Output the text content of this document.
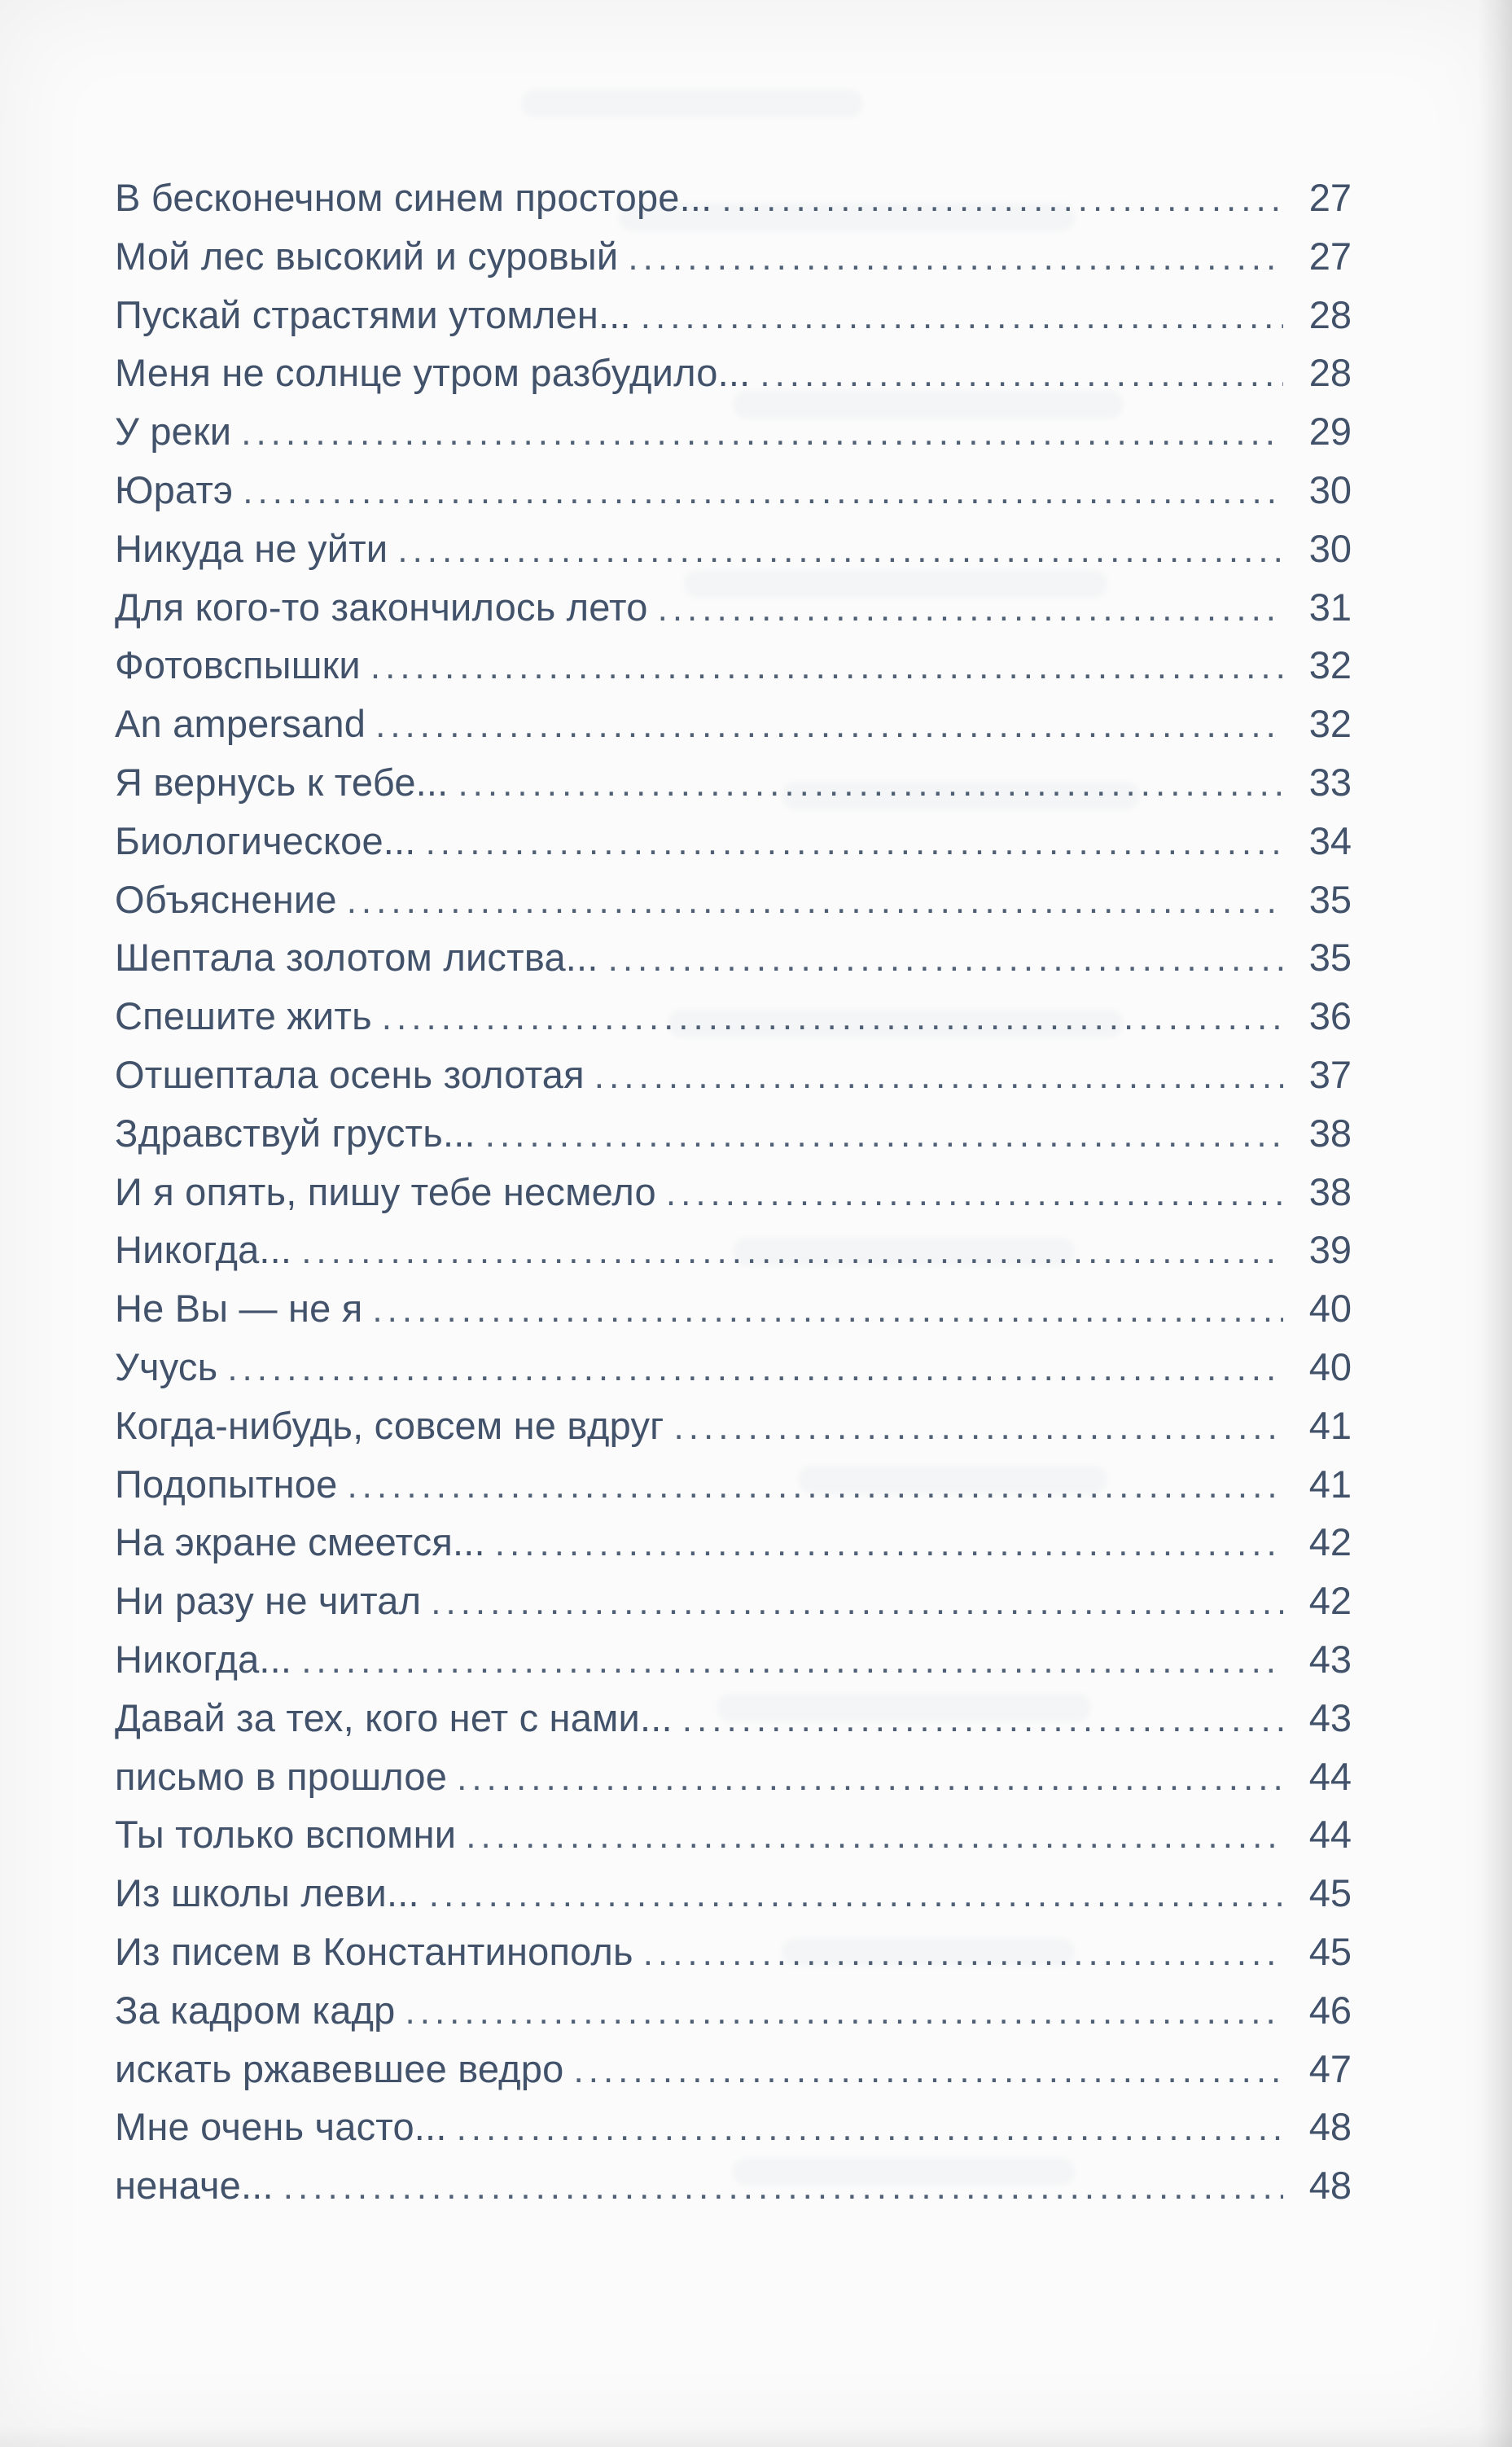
В бесконечном синем просторе... .....	27
Мой лес высокий и суровый .....	27
Пускай страстями утомлен... .....	28
Меня не солнце утром разбудило... .....	28
У реки .....	29
Юратэ .....	30
Никуда не уйти .....	30
Для кого-то закончилось лето .....	31
Фотовспышки .....	32
An ampersand .....	32
Я вернусь к тебе... .....	33
Биологическое... .....	34
Объяснение .....	35
Шептала золотом листва... .....	35
Спешите жить .....	36
Отшептала осень золотая .....	37
Здравствуй грусть... .....	38
И я опять, пишу тебе несмело .....	38
Никогда... .....	39
Не Вы — не я .....	40
Учусь .....	40
Когда-нибудь, совсем не вдруг .....	41
Подопытное .....	41
На экране смеется... .....	42
Ни разу не читал .....	42
Никогда... .....	43
Давай за тех, кого нет с нами... .....	43
письмо в прошлое .....	44
Ты только вспомни .....	44
Из школы леви... .....	45
Из писем в Константинополь .....	45
За кадром кадр .....	46
искать ржавевшее ведро .....	47
Мне очень часто... .....	48
неначе... .....	48
